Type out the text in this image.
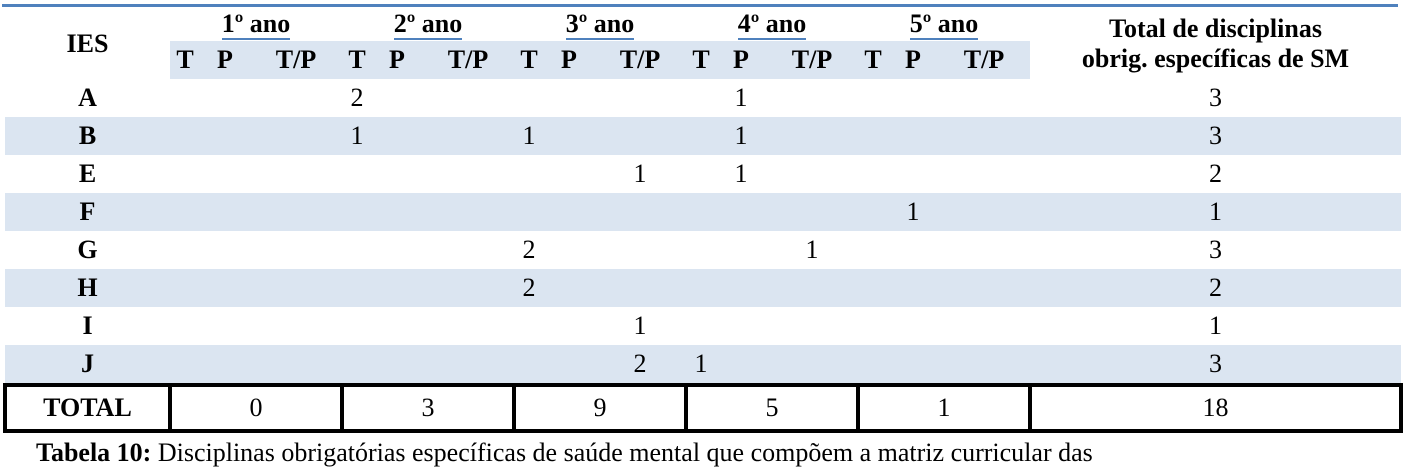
IES	1º ano			2º ano			3º ano			4º ano			5º ano			Total de disciplinas
obrig. específicas de SM

	T	P	T/P	T	P	T/P	T	P	T/P	T	P	T/P	T	P	T/P	
A				2							1					3
B				1			1				1					3
E									1		1					2
F														1		1
G							2					1				3
H							2									2
I									1							1
J									2	1						3
TOTAL	0			3			9			5			1			18
Tabela 10: Disciplinas obrigatórias específicas de saúde mental que compõem a matriz curricular das
